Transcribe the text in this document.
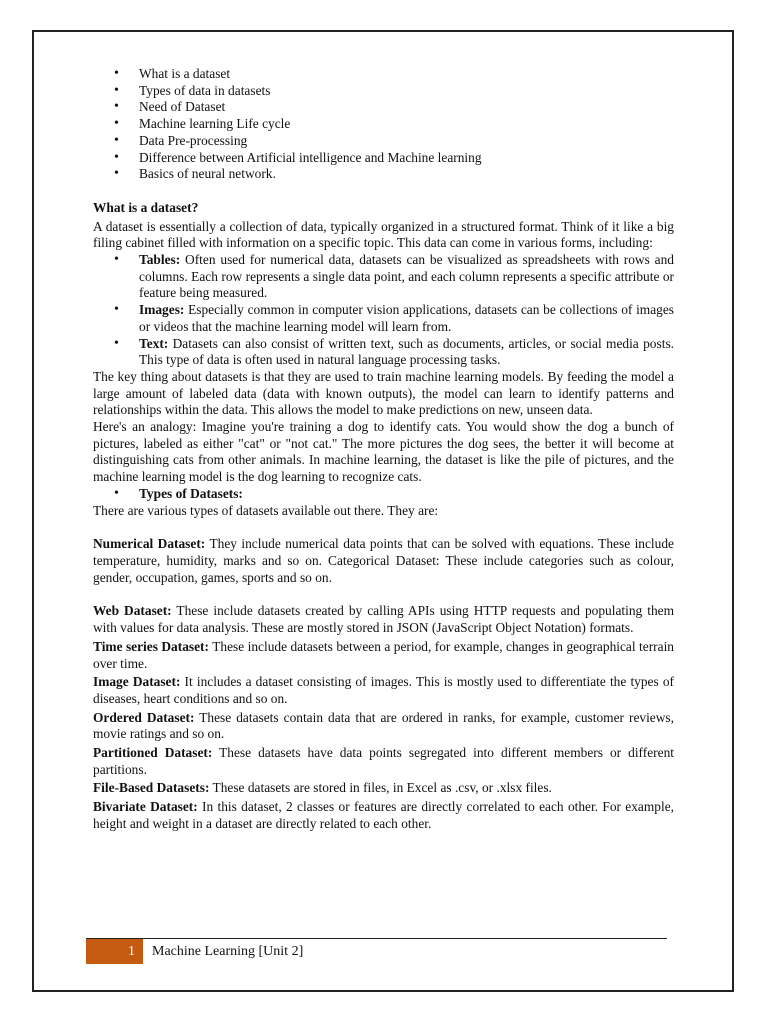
• What is a dataset
• Types of data in datasets
• Need of Dataset
• Machine learning Life cycle
• Data Pre-processing
• Difference between Artificial intelligence and Machine learning
• Basics of neural network.
What is a dataset?

A dataset is essentially a collection of data, typically organized in a structured format. Think of it like a big filing cabinet filled with information on a specific topic. This data can come in various forms, including:

• Tables: Often used for numerical data, datasets can be visualized as spreadsheets with rows and columns. Each row represents a single data point, and each column represents a specific attribute or feature being measured.
• Images: Especially common in computer vision applications, datasets can be collections of images or videos that the machine learning model will learn from.
• Text: Datasets can also consist of written text, such as documents, articles, or social media posts. This type of data is often used in natural language processing tasks.

The key thing about datasets is that they are used to train machine learning models. By feeding the model a large amount of labeled data (data with known outputs), the model can learn to identify patterns and relationships within the data. This allows the model to make predictions on new, unseen data.

Here's an analogy: Imagine you're training a dog to identify cats. You would show the dog a bunch of pictures, labeled as either "cat" or "not cat." The more pictures the dog sees, the better it will become at distinguishing cats from other animals. In machine learning, the dataset is like the pile of pictures, and the machine learning model is the dog learning to recognize cats.

• Types of Datasets:

There are various types of datasets available out there. They are:

Numerical Dataset: They include numerical data points that can be solved with equations. These include temperature, humidity, marks and so on. Categorical Dataset: These include categories such as colour, gender, occupation, games, sports and so on.

Web Dataset: These include datasets created by calling APIs using HTTP requests and populating them with values for data analysis. These are mostly stored in JSON (JavaScript Object Notation) formats.

Time series Dataset: These include datasets between a period, for example, changes in geographical terrain over time.

Image Dataset: It includes a dataset consisting of images. This is mostly used to differentiate the types of diseases, heart conditions and so on.

Ordered Dataset: These datasets contain data that are ordered in ranks, for example, customer reviews, movie ratings and so on.

Partitioned Dataset: These datasets have data points segregated into different members or different partitions.

File-Based Datasets: These datasets are stored in files, in Excel as .csv, or .xlsx files.

Bivariate Dataset: In this dataset, 2 classes or features are directly correlated to each other. For example, height and weight in a dataset are directly related to each other.

1	Machine Learning [Unit 2]
